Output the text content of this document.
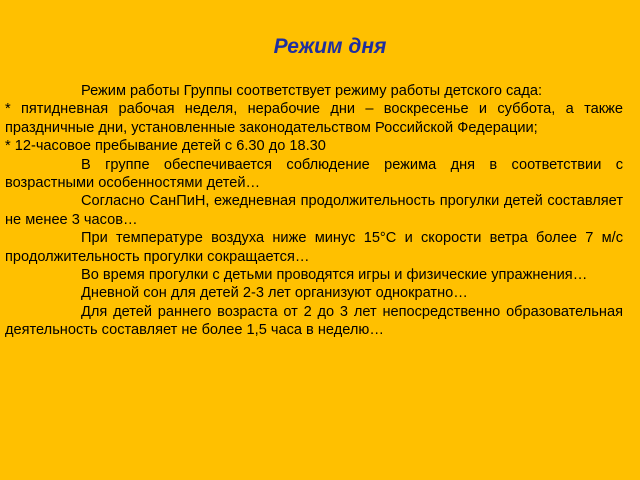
Режим дня

Режим работы Группы соответствует режиму работы детского сада:

* пятидневная рабочая неделя, нерабочие дни – воскресенье и суббота, а также праздничные дни, установленные законодательством Российской Федерации;

* 12-часовое пребывание детей с 6.30 до 18.30

В группе обеспечивается соблюдение режима дня в соответствии с возрастными особенностями детей…

Согласно СанПиН, ежедневная продолжительность прогулки детей составляет не менее 3 часов…

При температуре воздуха ниже минус 15°С и скорости ветра более 7 м/с продолжительность прогулки сокращается…

Во время прогулки с детьми проводятся игры и физические упражнения…

Дневной сон для детей 2-3 лет организуют однократно…

Для детей раннего возраста от 2 до 3 лет непосредственно образовательная деятельность составляет не более 1,5 часа в неделю…
